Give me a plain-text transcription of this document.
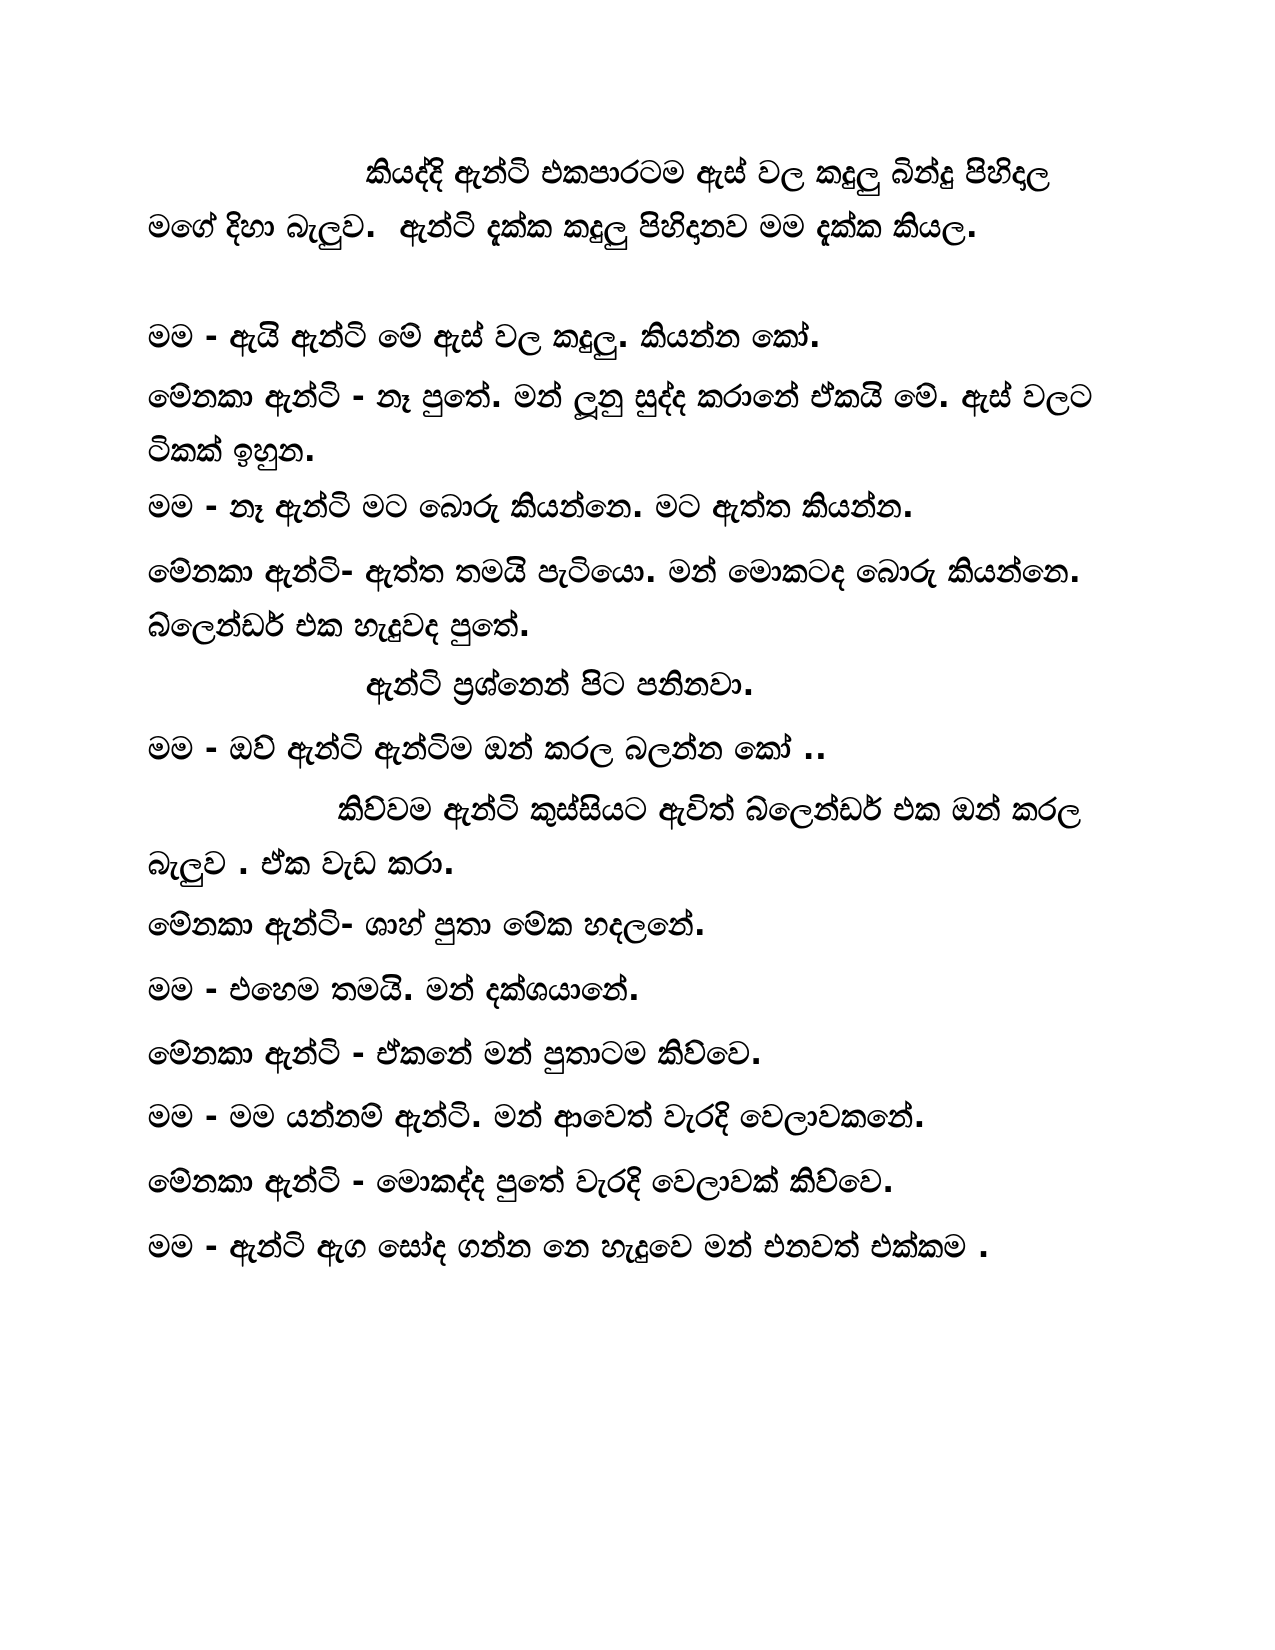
කියද්දි ඇන්ටි එකපාරටම ඇස් වල කදුලු බින්දු පිහිදාල මගේ දිහා බැලුව.  ඇන්ටි දැක්ක කදුලු පිහිදානව මම දැක්ක කියල.
මම - ඇයි ඇන්ටි මේ ඇස් වල කදුලු. කියන්න කෝ.
මේනකා ඇන්ටි - නෑ පුතේ. මන් ලූනු සුද්ද කරානේ ඒකයි මේ. ඇස් වලට ටිකක් ඉහුන.
මම - නෑ ඇන්ටි මට බොරු කියන්නෙ. මට ඇත්ත කියන්න.
මේනකා ඇන්ටි- ඇත්ත තමයි පැටියො. මන් මොකටද බොරු කියන්නෙ. බ්ලෙන්ඩර් එක හැදුවද පුතේ.
ඇන්ටි ප්‍රශ්නෙන් පිට පනිනවා.
මම - ඔව් ඇන්ටි ඇන්ටිම ඔන් කරල බලන්න කෝ ..
කිව්වම ඇන්ටි කුස්සියට ඇවිත් බ්ලෙන්ඩර් එක ඔන් කරල බැලුව . ඒක වැඩ කරා.
මේනකා ඇන්ටි- ශාහ් පුතා මේක හදලනේ.
මම - එහෙම තමයි. මන් දක්ශයානේ.
මේනකා ඇන්ටි - ඒකනේ මන් පුතාටම කිව්වෙ.
මම - මම යන්නම් ඇන්ටි. මන් ආවෙත් වැරදි වෙලාවකනේ.
මේනකා ඇන්ටි - මොකද්ද පුතේ වැරදි වෙලාවක් කිව්වෙ.
මම - ඇන්ටි ඇග සෝද ගන්න නෙ හැදුවෙ මන් එනවත් එක්කම .
